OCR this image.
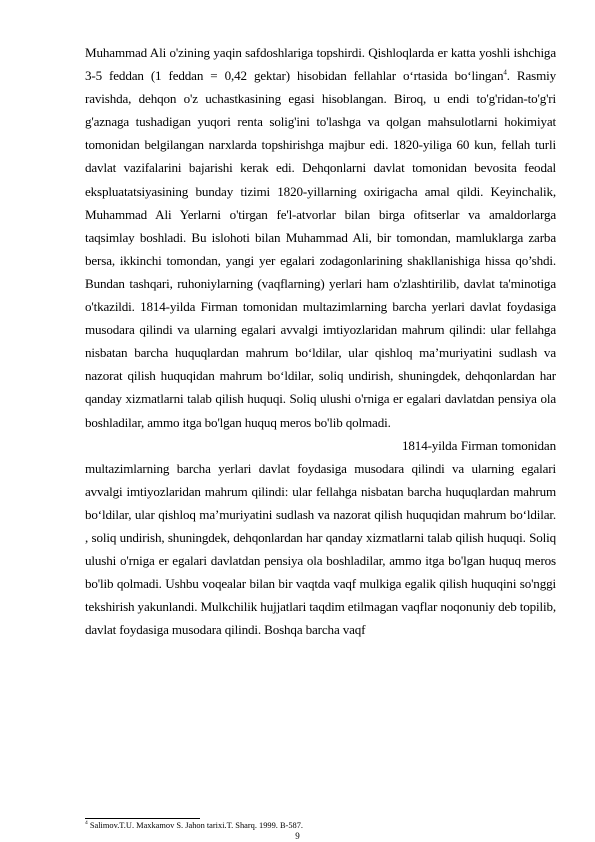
Muhammad Ali o'zining yaqin safdoshlariga topshirdi. Qishloqlarda er katta yoshli ishchiga 3-5 feddan (1 feddan = 0,42 gektar) hisobidan fellahlar o‘rtasida bo‘lingan$^4$. Rasmiy ravishda, dehqon o'z uchastkasining egasi hisoblangan. Biroq, u endi to'g'ridan-to'g'ri g'aznaga tushadigan yuqori renta solig'ini to'lashga va qolgan mahsulotlarni hokimiyat tomonidan belgilangan narxlarda topshirishga majbur edi. 1820-yiliga 60 kun, fellah turli davlat vazifalarini bajarishi kerak edi. Dehqonlarni davlat tomonidan bevosita feodal ekspluatatsiyasining bunday tizimi 1820-yillarning oxirigacha amal qildi. Keyinchalik, Muhammad Ali Yerlarni o'tirgan fe'l-atvorlar bilan birga ofitserlar va amaldorlarga taqsimlay boshladi. Bu islohoti bilan Muhammad Ali, bir tomondan, mamluklarga zarba bersa, ikkinchi tomondan, yangi yer egalari zodagonlarining shakllanishiga hissa qo’shdi. Bundan tashqari, ruhoniylarning (vaqflarning) yerlari ham o'zlashtirilib, davlat ta'minotiga o'tkazildi. 1814-yilda Firman tomonidan multazimlarning barcha yerlari davlat foydasiga musodara qilindi va ularning egalari avvalgi imtiyozlaridan mahrum qilindi: ular fellahga nisbatan barcha huquqlardan mahrum bo‘ldilar, ular qishloq ma’muriyatini sudlash va nazorat qilish huquqidan mahrum bo‘ldilar, soliq undirish, shuningdek, dehqonlardan har qanday xizmatlarni talab qilish huquqi. Soliq ulushi o'rniga er egalari davlatdan pensiya ola boshladilar, ammo itga bo'lgan huquq meros bo'lib qolmadi.

1814-yilda Firman tomonidan multazimlarning barcha yerlari davlat foydasiga musodara qilindi va ularning egalari avvalgi imtiyozlaridan mahrum qilindi: ular fellahga nisbatan barcha huquqlardan mahrum bo‘ldilar, ular qishloq ma’muriyatini sudlash va nazorat qilish huquqidan mahrum bo‘ldilar. , soliq undirish, shuningdek, dehqonlardan har qanday xizmatlarni talab qilish huquqi. Soliq ulushi o'rniga er egalari davlatdan pensiya ola boshladilar, ammo itga bo'lgan huquq meros bo'lib qolmadi. Ushbu voqealar bilan bir vaqtda vaqf mulkiga egalik qilish huquqini so'nggi tekshirish yakunlandi. Mulkchilik hujjatlari taqdim etilmagan vaqflar noqonuniy deb topilib, davlat foydasiga musodara qilindi. Boshqa barcha vaqf

$^4$ Salimov.T.U. Maxkamov S. Jahon tarixi.T. Sharq. 1999. B-587.
9
